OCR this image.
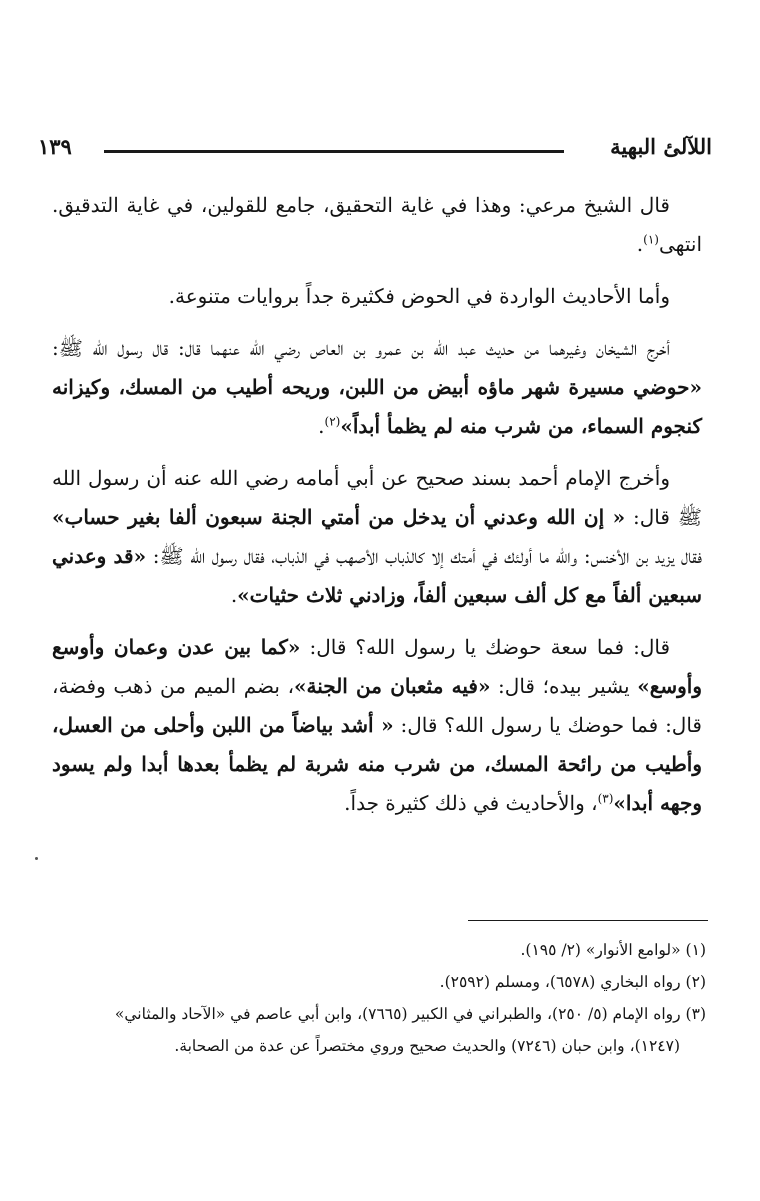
اللآلئ البهية
١٣٩

قال الشيخ مرعي: وهذا في غاية التحقيق، جامع للقولين، في غاية التدقيق. انتهى$^{(١)}$.

وأما الأحاديث الواردة في الحوض فكثيرة جداً بروايات متنوعة.

أخرج الشيخان وغيرهما من حديث عبد الله بن عمرو بن العاص رضي الله عنهما قال: قال رسول الله ﷺ: «حوضي مسيرة شهر ماؤه أبيض من اللبن، وريحه أطيب من المسك، وكيزانه كنجوم السماء، من شرب منه لم يظمأ أبداً»$^{(٢)}$.

وأخرج الإمام أحمد بسند صحيح عن أبي أمامه رضي الله عنه أن رسول الله ﷺ قال: « إن الله وعدني أن يدخل من أمتي الجنة سبعون ألفا بغير حساب» فقال يزيد بن الأخنس: والله ما أولئك في أمتك إلا كالذباب الأصهب في الذباب، فقال رسول الله ﷺ: «قد وعدني سبعين ألفاً مع كل ألف سبعين ألفاً، وزادني ثلاث حثيات».

قال: فما سعة حوضك يا رسول الله؟ قال: «كما بين عدن وعمان وأوسع وأوسع» يشير بيده؛ قال: «فيه مثعبان من الجنة»، بضم الميم من ذهب وفضة، قال: فما حوضك يا رسول الله؟ قال: « أشد بياضاً من اللبن وأحلى من العسل، وأطيب من رائحة المسك، من شرب منه شربة لم يظمأ بعدها أبدا ولم يسود وجهه أبدا»$^{(٣)}$، والأحاديث في ذلك كثيرة جداً.

(١) «لوامع الأنوار» (٢/ ١٩٥).

(٢) رواه البخاري (٦٥٧٨)، ومسلم (٢٥٩٢).

(٣) رواه الإمام (٥/ ٢٥٠)، والطبراني في الكبير (٧٦٦٥)، وابن أبي عاصم في «الآحاد والمثاني»

(١٢٤٧)، وابن حبان (٧٢٤٦) والحديث صحيح وروي مختصراً عن عدة من الصحابة.
